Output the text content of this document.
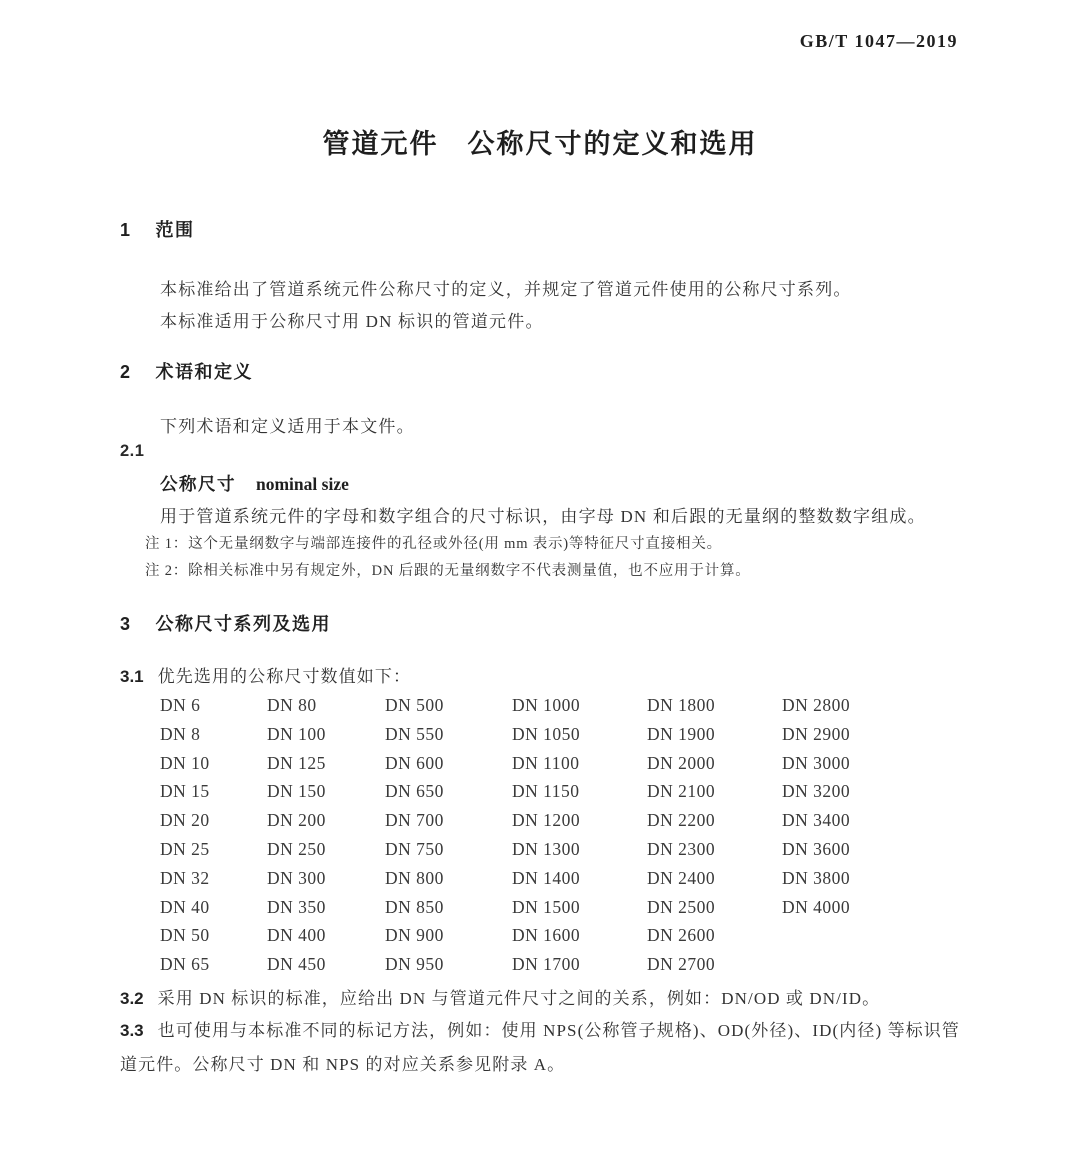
GB/T 1047—2019
管道元件　公称尺寸的定义和选用
1 范围
本标准给出了管道系统元件公称尺寸的定义，并规定了管道元件使用的公称尺寸系列。
本标准适用于公称尺寸用 DN 标识的管道元件。
2 术语和定义
下列术语和定义适用于本文件。
2.1
公称尺寸 nominal size
用于管道系统元件的字母和数字组合的尺寸标识，由字母 DN 和后跟的无量纲的整数数字组成。
注 1：这个无量纲数字与端部连接件的孔径或外径(用 mm 表示)等特征尺寸直接相关。
注 2：除相关标准中另有规定外，DN 后跟的无量纲数字不代表测量值，也不应用于计算。
3 公称尺寸系列及选用
3.1 优先选用的公称尺寸数值如下：
DN 6	DN 80	DN 500	DN 1000	DN 1800	DN 2800
DN 8	DN 100	DN 550	DN 1050	DN 1900	DN 2900
DN 10	DN 125	DN 600	DN 1100	DN 2000	DN 3000
DN 15	DN 150	DN 650	DN 1150	DN 2100	DN 3200
DN 20	DN 200	DN 700	DN 1200	DN 2200	DN 3400
DN 25	DN 250	DN 750	DN 1300	DN 2300	DN 3600
DN 32	DN 300	DN 800	DN 1400	DN 2400	DN 3800
DN 40	DN 350	DN 850	DN 1500	DN 2500	DN 4000
DN 50	DN 400	DN 900	DN 1600	DN 2600
DN 65	DN 450	DN 950	DN 1700	DN 2700
3.2 采用 DN 标识的标准，应给出 DN 与管道元件尺寸之间的关系，例如：DN/OD 或 DN/ID。
3.3 也可使用与本标准不同的标记方法，例如：使用 NPS(公称管子规格)、OD(外径)、ID(内径) 等标识管道元件。公称尺寸 DN 和 NPS 的对应关系参见附录 A。
